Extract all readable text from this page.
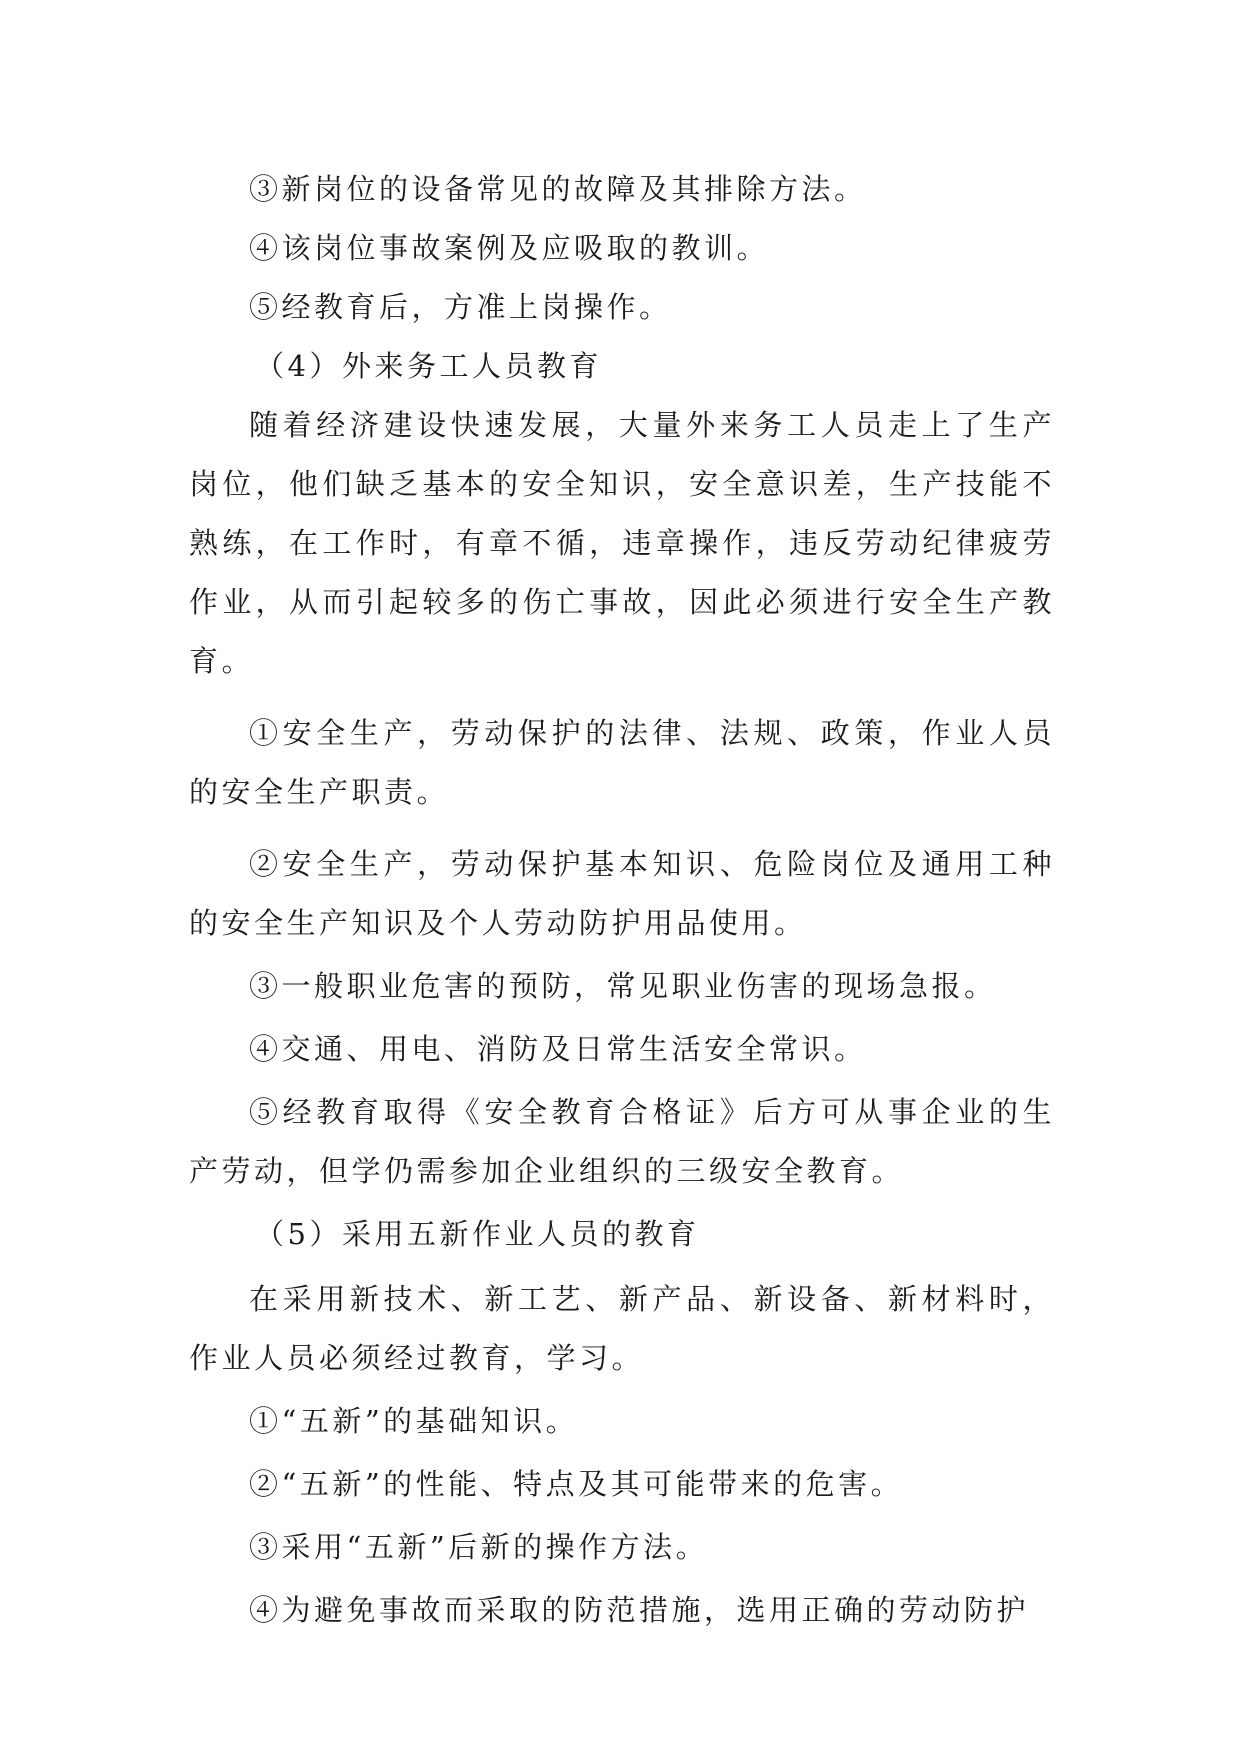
③新岗位的设备常见的故障及其排除方法。

④该岗位事故案例及应吸取的教训。

⑤经教育后，方准上岗操作。

（4）外来务工人员教育

随着经济建设快速发展，大量外来务工人员走上了生产岗位，他们缺乏基本的安全知识，安全意识差，生产技能不熟练，在工作时，有章不循，违章操作，违反劳动纪律疲劳作业，从而引起较多的伤亡事故，因此必须进行安全生产教育。

①安全生产，劳动保护的法律、法规、政策，作业人员的安全生产职责。

②安全生产，劳动保护基本知识、危险岗位及通用工种的安全生产知识及个人劳动防护用品使用。

③一般职业危害的预防，常见职业伤害的现场急报。

④交通、用电、消防及日常生活安全常识。

⑤经教育取得《安全教育合格证》后方可从事企业的生产劳动，但学仍需参加企业组织的三级安全教育。

（5）采用五新作业人员的教育

在采用新技术、新工艺、新产品、新设备、新材料时，作业人员必须经过教育，学习。

①“五新”的基础知识。

②“五新”的性能、特点及其可能带来的危害。

③采用“五新”后新的操作方法。

④为避免事故而采取的防范措施，选用正确的劳动防护
